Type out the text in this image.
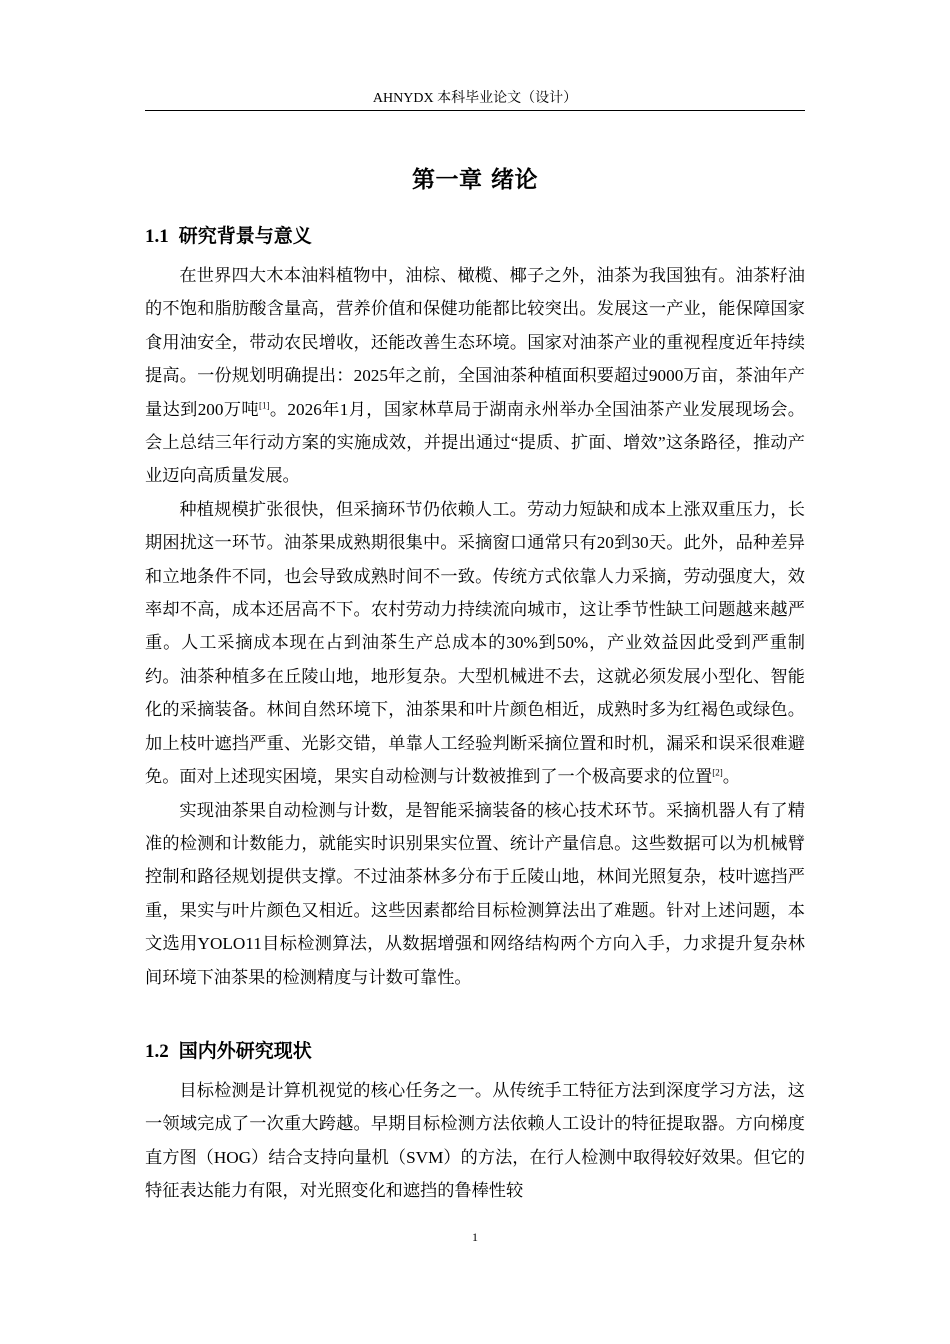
AHNYDX 本科毕业论文（设计）
第一章 绪论
1.1 研究背景与意义

在世界四大木本油料植物中，油棕、橄榄、椰子之外，油茶为我国独有。油茶籽油的不饱和脂肪酸含量高，营养价值和保健功能都比较突出。发展这一产业，能保障国家食用油安全，带动农民增收，还能改善生态环境。国家对油茶产业的重视程度近年持续提高。一份规划明确提出：2025年之前，全国油茶种植面积要超过9000万亩，茶油年产量达到200万吨[1]。2026年1月，国家林草局于湖南永州举办全国油茶产业发展现场会。会上总结三年行动方案的实施成效，并提出通过“提质、扩面、增效”这条路径，推动产业迈向高质量发展。

种植规模扩张很快，但采摘环节仍依赖人工。劳动力短缺和成本上涨双重压力，长期困扰这一环节。油茶果成熟期很集中。采摘窗口通常只有20到30天。此外，品种差异和立地条件不同，也会导致成熟时间不一致。传统方式依靠人力采摘，劳动强度大，效率却不高，成本还居高不下。农村劳动力持续流向城市，这让季节性缺工问题越来越严重。人工采摘成本现在占到油茶生产总成本的30%到50%，产业效益因此受到严重制约。油茶种植多在丘陵山地，地形复杂。大型机械进不去，这就必须发展小型化、智能化的采摘装备。林间自然环境下，油茶果和叶片颜色相近，成熟时多为红褐色或绿色。加上枝叶遮挡严重、光影交错，单靠人工经验判断采摘位置和时机，漏采和误采很难避免。面对上述现实困境，果实自动检测与计数被推到了一个极高要求的位置[2]。

实现油茶果自动检测与计数，是智能采摘装备的核心技术环节。采摘机器人有了精准的检测和计数能力，就能实时识别果实位置、统计产量信息。这些数据可以为机械臂控制和路径规划提供支撑。不过油茶林多分布于丘陵山地，林间光照复杂，枝叶遮挡严重，果实与叶片颜色又相近。这些因素都给目标检测算法出了难题。针对上述问题，本文选用YOLO11目标检测算法，从数据增强和网络结构两个方向入手，力求提升复杂林间环境下油茶果的检测精度与计数可靠性。

1.2 国内外研究现状

目标检测是计算机视觉的核心任务之一。从传统手工特征方法到深度学习方法，这一领域完成了一次重大跨越。早期目标检测方法依赖人工设计的特征提取器。方向梯度直方图（HOG）结合支持向量机（SVM）的方法，在行人检测中取得较好效果。但它的特征表达能力有限，对光照变化和遮挡的鲁棒性较

1
